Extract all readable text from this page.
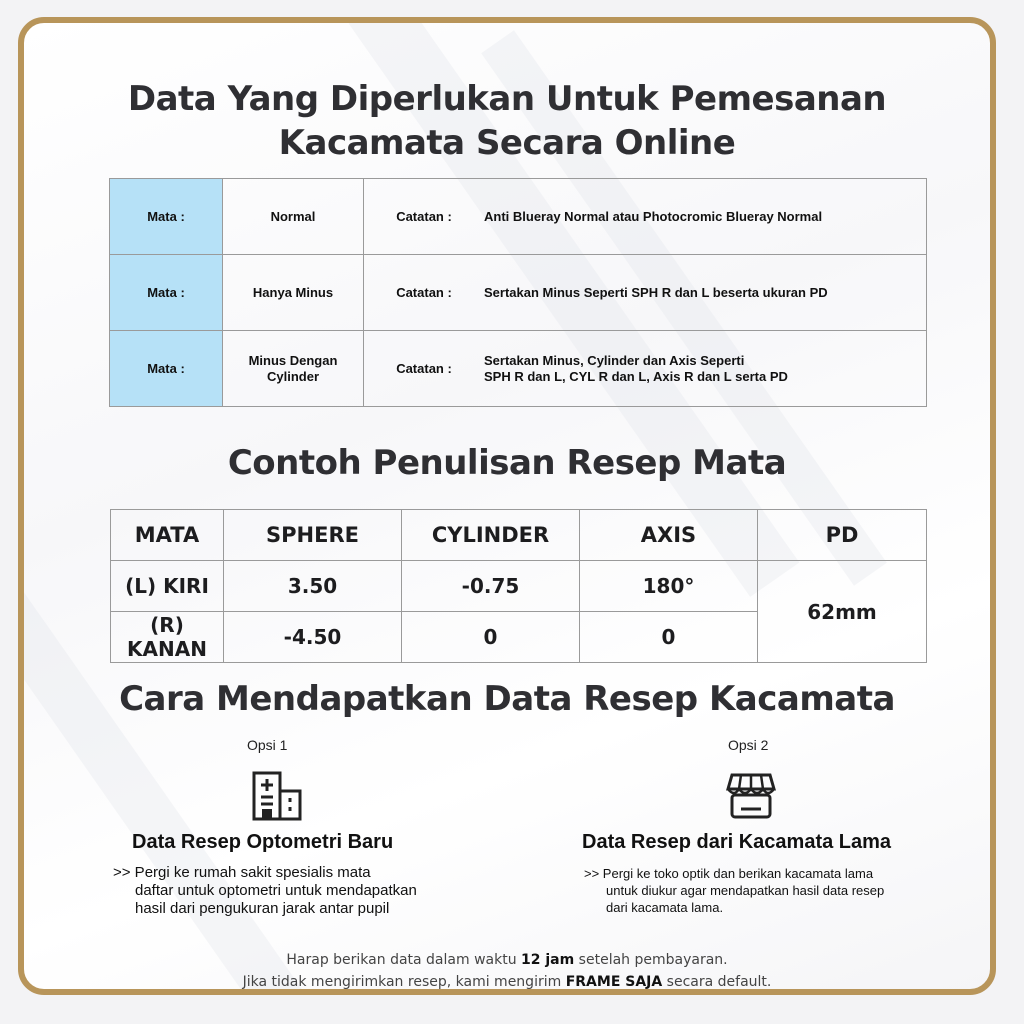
Data Yang Diperlukan Untuk Pemesanan
Kacamata Secara Online
Mata :	Normal	Catatan :	Anti Blueray Normal atau Photocromic Blueray Normal

Mata :	Hanya Minus	Catatan :	Sertakan Minus Seperti SPH R dan L beserta ukuran PD

Mata :	Minus Dengan Cylinder	Catatan :	Sertakan Minus, Cylinder dan Axis Seperti
SPH R dan L, CYL R dan L, Axis R dan L serta PD
Contoh Penulisan Resep Mata
MATA	SPHERE	CYLINDER	AXIS	PD
(L) KIRI	3.50	-0.75	180°	62mm
(R) KANAN	-4.50	0	0	
Cara Mendapatkan Data Resep Kacamata
Opsi 1
Data Resep Optometri Baru
>> Pergi ke rumah sakit spesialis mata
daftar untuk optometri untuk mendapatkan
hasil dari pengukuran jarak antar pupil
Opsi 2
Data Resep dari Kacamata Lama
>> Pergi ke toko optik dan berikan kacamata lama
untuk diukur agar mendapatkan hasil data resep
dari kacamata lama.
Harap berikan data dalam waktu 12 jam setelah pembayaran.
Jika tidak mengirimkan resep, kami mengirim FRAME SAJA secara default.
